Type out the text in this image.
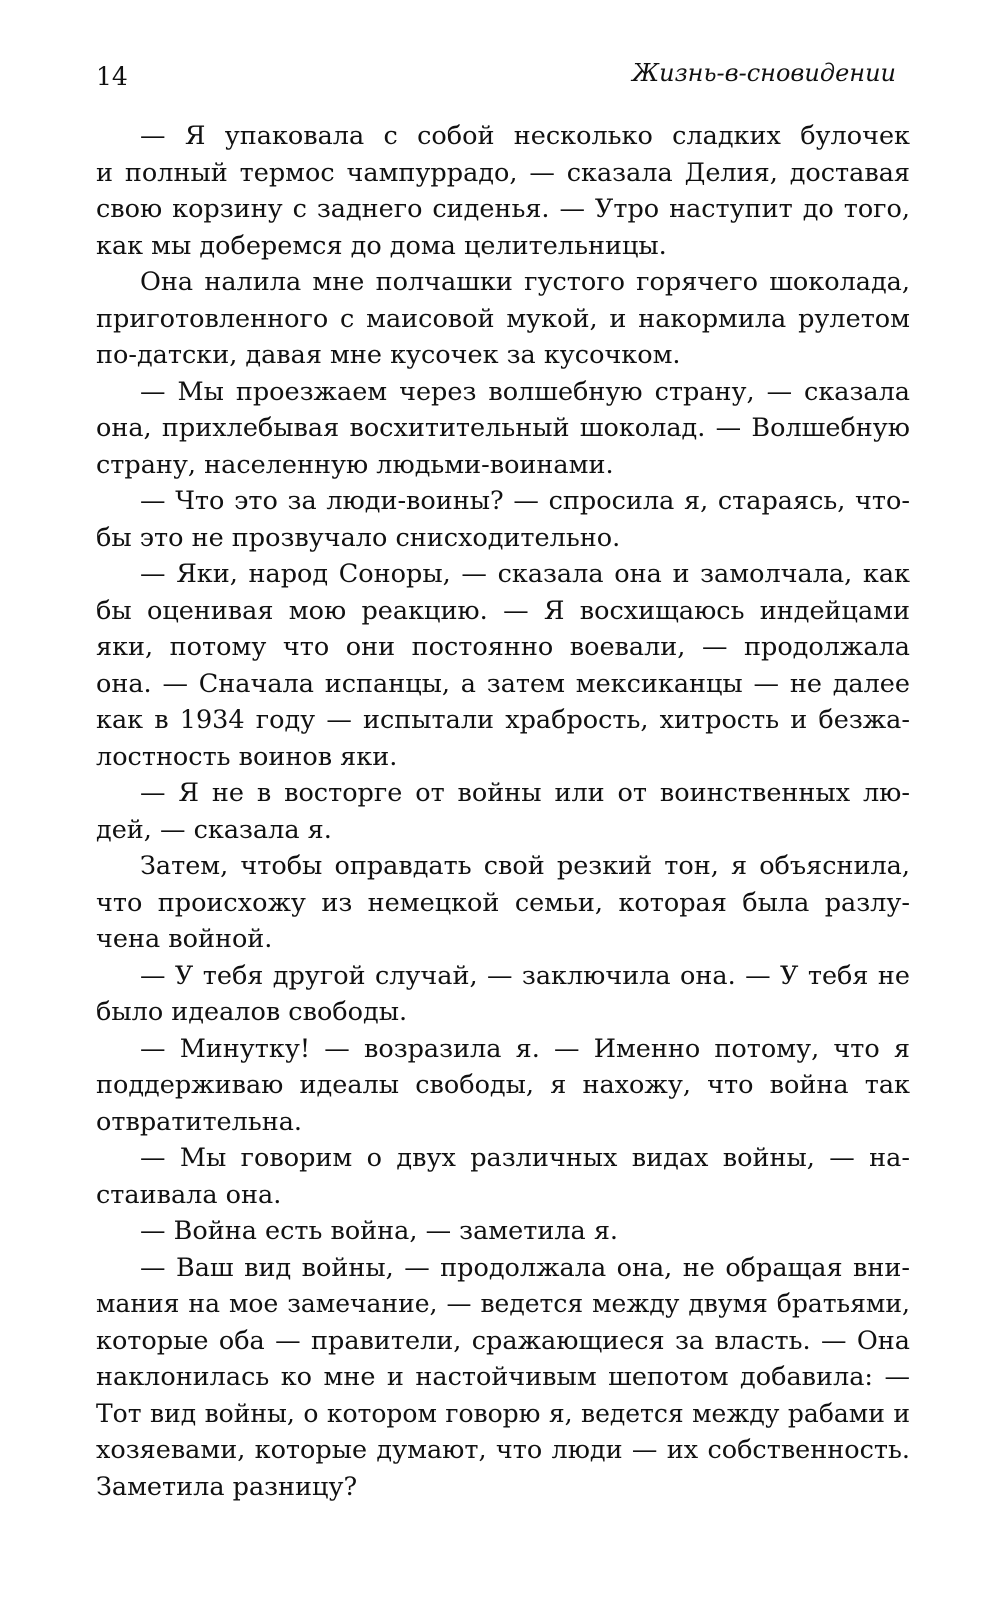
14	Жизнь-в-сновидении
— Я упаковала с собой несколько сладких булочек
и полный термос чампуррадо, — сказала Делия, доставая
свою корзину с заднего сиденья. — Утро наступит до того,
как мы доберемся до дома целительницы.
Она налила мне полчашки густого горячего шоколада,
приготовленного с маисовой мукой, и накормила рулетом
по-датски, давая мне кусочек за кусочком.
— Мы проезжаем через волшебную страну, — сказала
она, прихлебывая восхитительный шоколад. — Волшебную
страну, населенную людьми-воинами.
— Что это за люди-воины? — спросила я, стараясь, что-
бы это не прозвучало снисходительно.
— Яки, народ Соноры, — сказала она и замолчала, как
бы оценивая мою реакцию. — Я восхищаюсь индейцами
яки, потому что они постоянно воевали, — продолжала
она. — Сначала испанцы, а затем мексиканцы — не далее
как в 1934 году — испытали храбрость, хитрость и безжа-
лостность воинов яки.
— Я не в восторге от войны или от воинственных лю-
дей, — сказала я.
Затем, чтобы оправдать свой резкий тон, я объяснила,
что происхожу из немецкой семьи, которая была разлу-
чена войной.
— У тебя другой случай, — заключила она. — У тебя не
было идеалов свободы.
— Минутку! — возразила я. — Именно потому, что я
поддерживаю идеалы свободы, я нахожу, что война так
отвратительна.
— Мы говорим о двух различных видах войны, — на-
стаивала она.
— Война есть война, — заметила я.
— Ваш вид войны, — продолжала она, не обращая вни-
мания на мое замечание, — ведется между двумя братьями,
которые оба — правители, сражающиеся за власть. — Она
наклонилась ко мне и настойчивым шепотом добавила: —
Тот вид войны, о котором говорю я, ведется между рабами и
хозяевами, которые думают, что люди — их собственность.
Заметила разницу?
